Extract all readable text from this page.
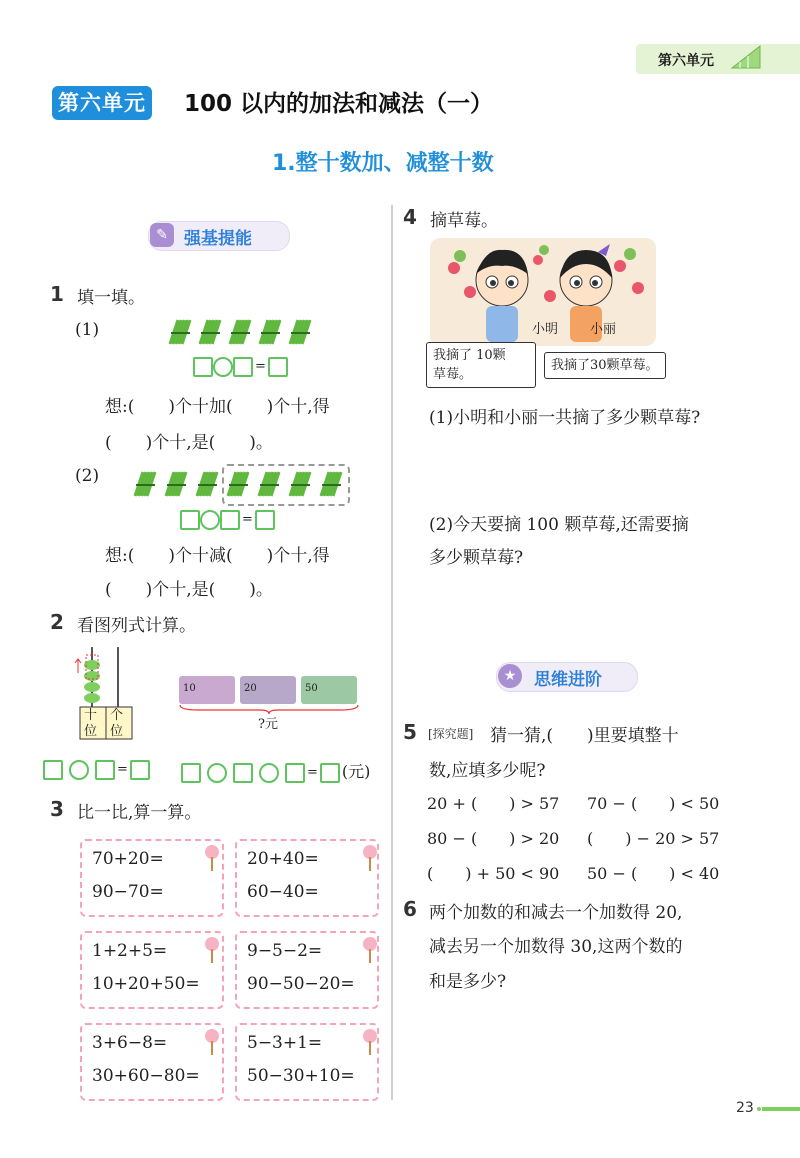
第六单元
第六单元 100 以内的加法和减法（一）
1.整十数加、减整十数
✎ 强基提能
1 填一填。
(1)
=
想:(　　)个十加(　　)个十,得
(　　)个十,是(　　)。
(2)
=
想:(　　)个十减(　　)个十,得
(　　)个十,是(　　)。
2 看图列式计算。
十
位
个
位
10	20	50
?元
=	= (元)
3 比一比,算一算。
70+20=
90−70=
20+40=
60−40=
1+2+5=
10+20+50=
9−5−2=
90−50−20=
3+6−8=
30+60−80=
5−3+1=
50−30+10=
4 摘草莓。
小明 小丽
我摘了 10颗
草莓。
我摘了30颗草莓。
(1)小明和小丽一共摘了多少颗草莓?
(2)今天要摘 100 颗草莓,还需要摘
多少颗草莓?
★	思维进阶
5 [探究题] 猜一猜,(　　)里要填整十
数,应填多少呢?
20 + (　　) > 57 70 − (　　) < 50
80 − (　　) > 20 (　　) − 20 > 57
(　　) + 50 < 90 50 − (　　) < 40
6 两个加数的和减去一个加数得 20,
减去另一个加数得 30,这两个数的
和是多少?
23
